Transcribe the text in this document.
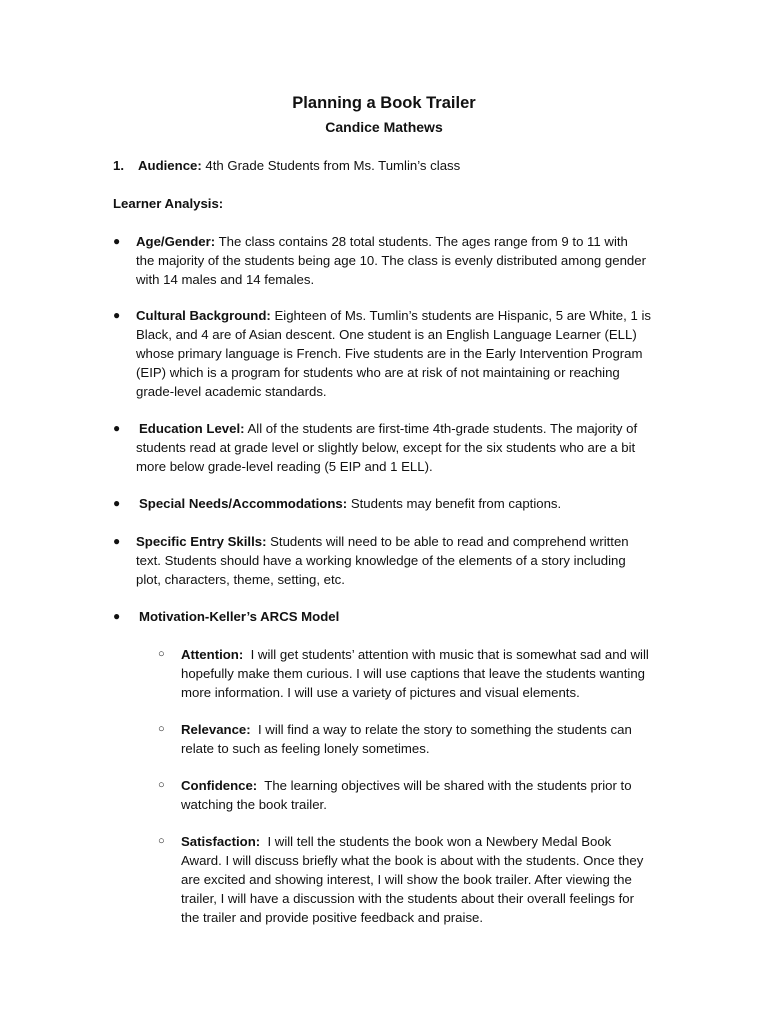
Planning a Book Trailer
Candice Mathews
1. Audience: 4th Grade Students from Ms. Tumlin’s class
Learner Analysis:
● Age/Gender: The class contains 28 total students. The ages range from 9 to 11 with
the majority of the students being age 10. The class is evenly distributed among gender
with 14 males and 14 females.
● Cultural Background: Eighteen of Ms. Tumlin’s students are Hispanic, 5 are White, 1 is
Black, and 4 are of Asian descent. One student is an English Language Learner (ELL)
whose primary language is French. Five students are in the Early Intervention Program
(EIP) which is a program for students who are at risk of not maintaining or reaching
grade-level academic standards.
● Education Level: All of the students are first-time 4th-grade students. The majority of
students read at grade level or slightly below, except for the six students who are a bit
more below grade-level reading (5 EIP and 1 ELL).
● Special Needs/Accommodations: Students may benefit from captions.
● Specific Entry Skills: Students will need to be able to read and comprehend written
text. Students should have a working knowledge of the elements of a story including
plot, characters, theme, setting, etc.
● Motivation-Keller’s ARCS Model
○ Attention: I will get students’ attention with music that is somewhat sad and will
hopefully make them curious. I will use captions that leave the students wanting
more information. I will use a variety of pictures and visual elements.
○ Relevance: I will find a way to relate the story to something the students can
relate to such as feeling lonely sometimes.
○ Confidence: The learning objectives will be shared with the students prior to
watching the book trailer.
○ Satisfaction: I will tell the students the book won a Newbery Medal Book
Award. I will discuss briefly what the book is about with the students. Once they
are excited and showing interest, I will show the book trailer. After viewing the
trailer, I will have a discussion with the students about their overall feelings for
the trailer and provide positive feedback and praise.
